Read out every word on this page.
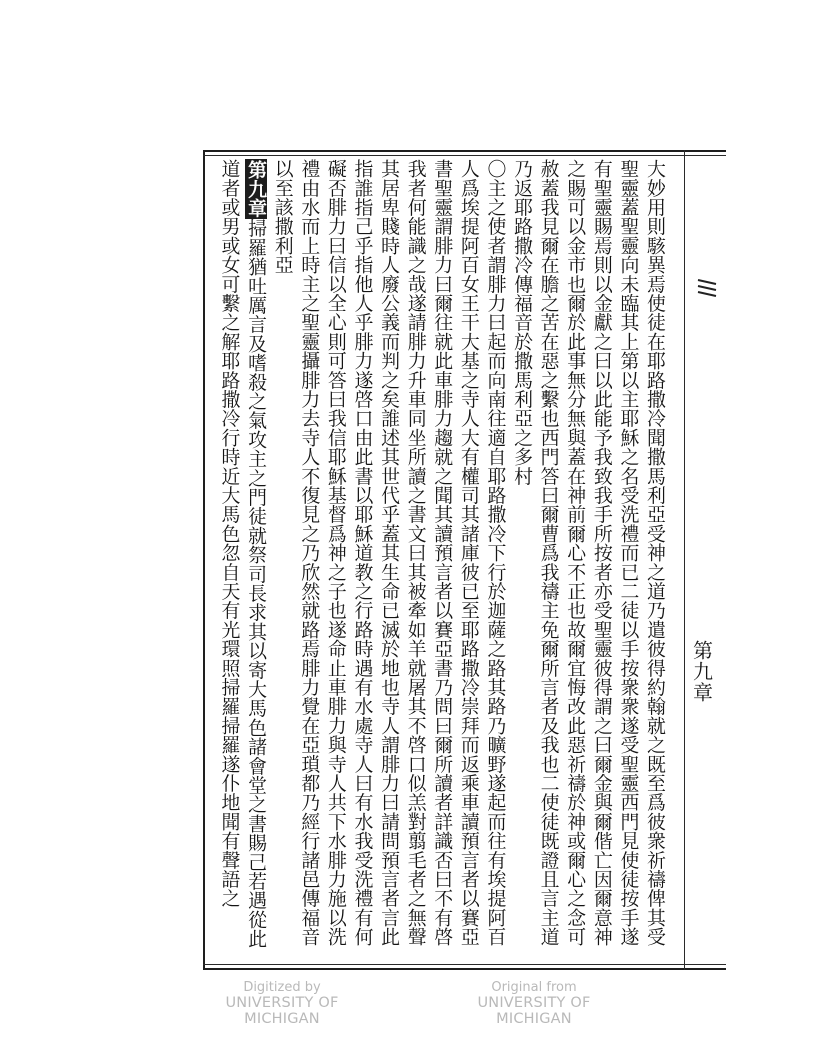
第九章

大妙用則駭異焉使徒在耶路撒冷聞撒馬利亞受神之道乃遣彼得約翰就之既至爲彼衆祈禱俾其受聖靈蓋聖靈向未臨其上第以主耶穌之名受洗禮而已二徒以手按衆衆遂受聖靈西門見使徒按手遂有聖靈賜焉則以金獻之曰以此能予我致我手所按者亦受聖靈彼得謂之曰爾金與爾偕亡因爾意神之賜可以金市也爾於此事無分無與蓋在神前爾心不正也故爾宜悔改此惡祈禱於神或爾心之念可赦蓋我見爾在膽之苦在惡之繫也西門答曰爾曹爲我禱主免爾所言者及我也二使徒既證且言主道乃返耶路撒冷傳福音於撒馬利亞之多村

〇主之使者謂腓力曰起而向南往適自耶路撒冷下行於迦薩之路其路乃曠野遂起而往有埃提阿百人爲埃提阿百女王干大基之寺人大有權司其諸庫彼已至耶路撒冷崇拜而返乘車讀預言者以賽亞書聖靈謂腓力曰爾往就此車腓力趨就之聞其讀預言者以賽亞書乃問曰爾所讀者詳識否曰不有啓我者何能識之哉遂請腓力升車同坐所讀之書文曰其被牽如羊就屠其不啓口似羔對翦毛者之無聲其居卑賤時人廢公義而判之矣誰述其世代乎蓋其生命已滅於地也寺人謂腓力曰請問預言者言此指誰指己乎指他人乎腓力遂啓口由此書以耶穌道教之行路時遇有水處寺人曰有水我受洗禮有何礙否腓力曰信以全心則可答曰我信耶穌基督爲神之子也遂命止車腓力與寺人共下水腓力施以洗禮由水而上時主之聖靈攝腓力去寺人不復見之乃欣然就路焉腓力覺在亞瑣都乃經行諸邑傳福音以至該撒利亞

第九章掃羅猶吐厲言及嗜殺之氣攻主之門徒就祭司長求其以寄大馬色諸會堂之書賜己若遇從此道者或男或女可繫之解耶路撒冷行時近大馬色忽自天有光環照掃羅掃羅遂仆地聞有聲語之

Digitized by
UNIVERSITY OF MICHIGAN
Original from
UNIVERSITY OF MICHIGAN
